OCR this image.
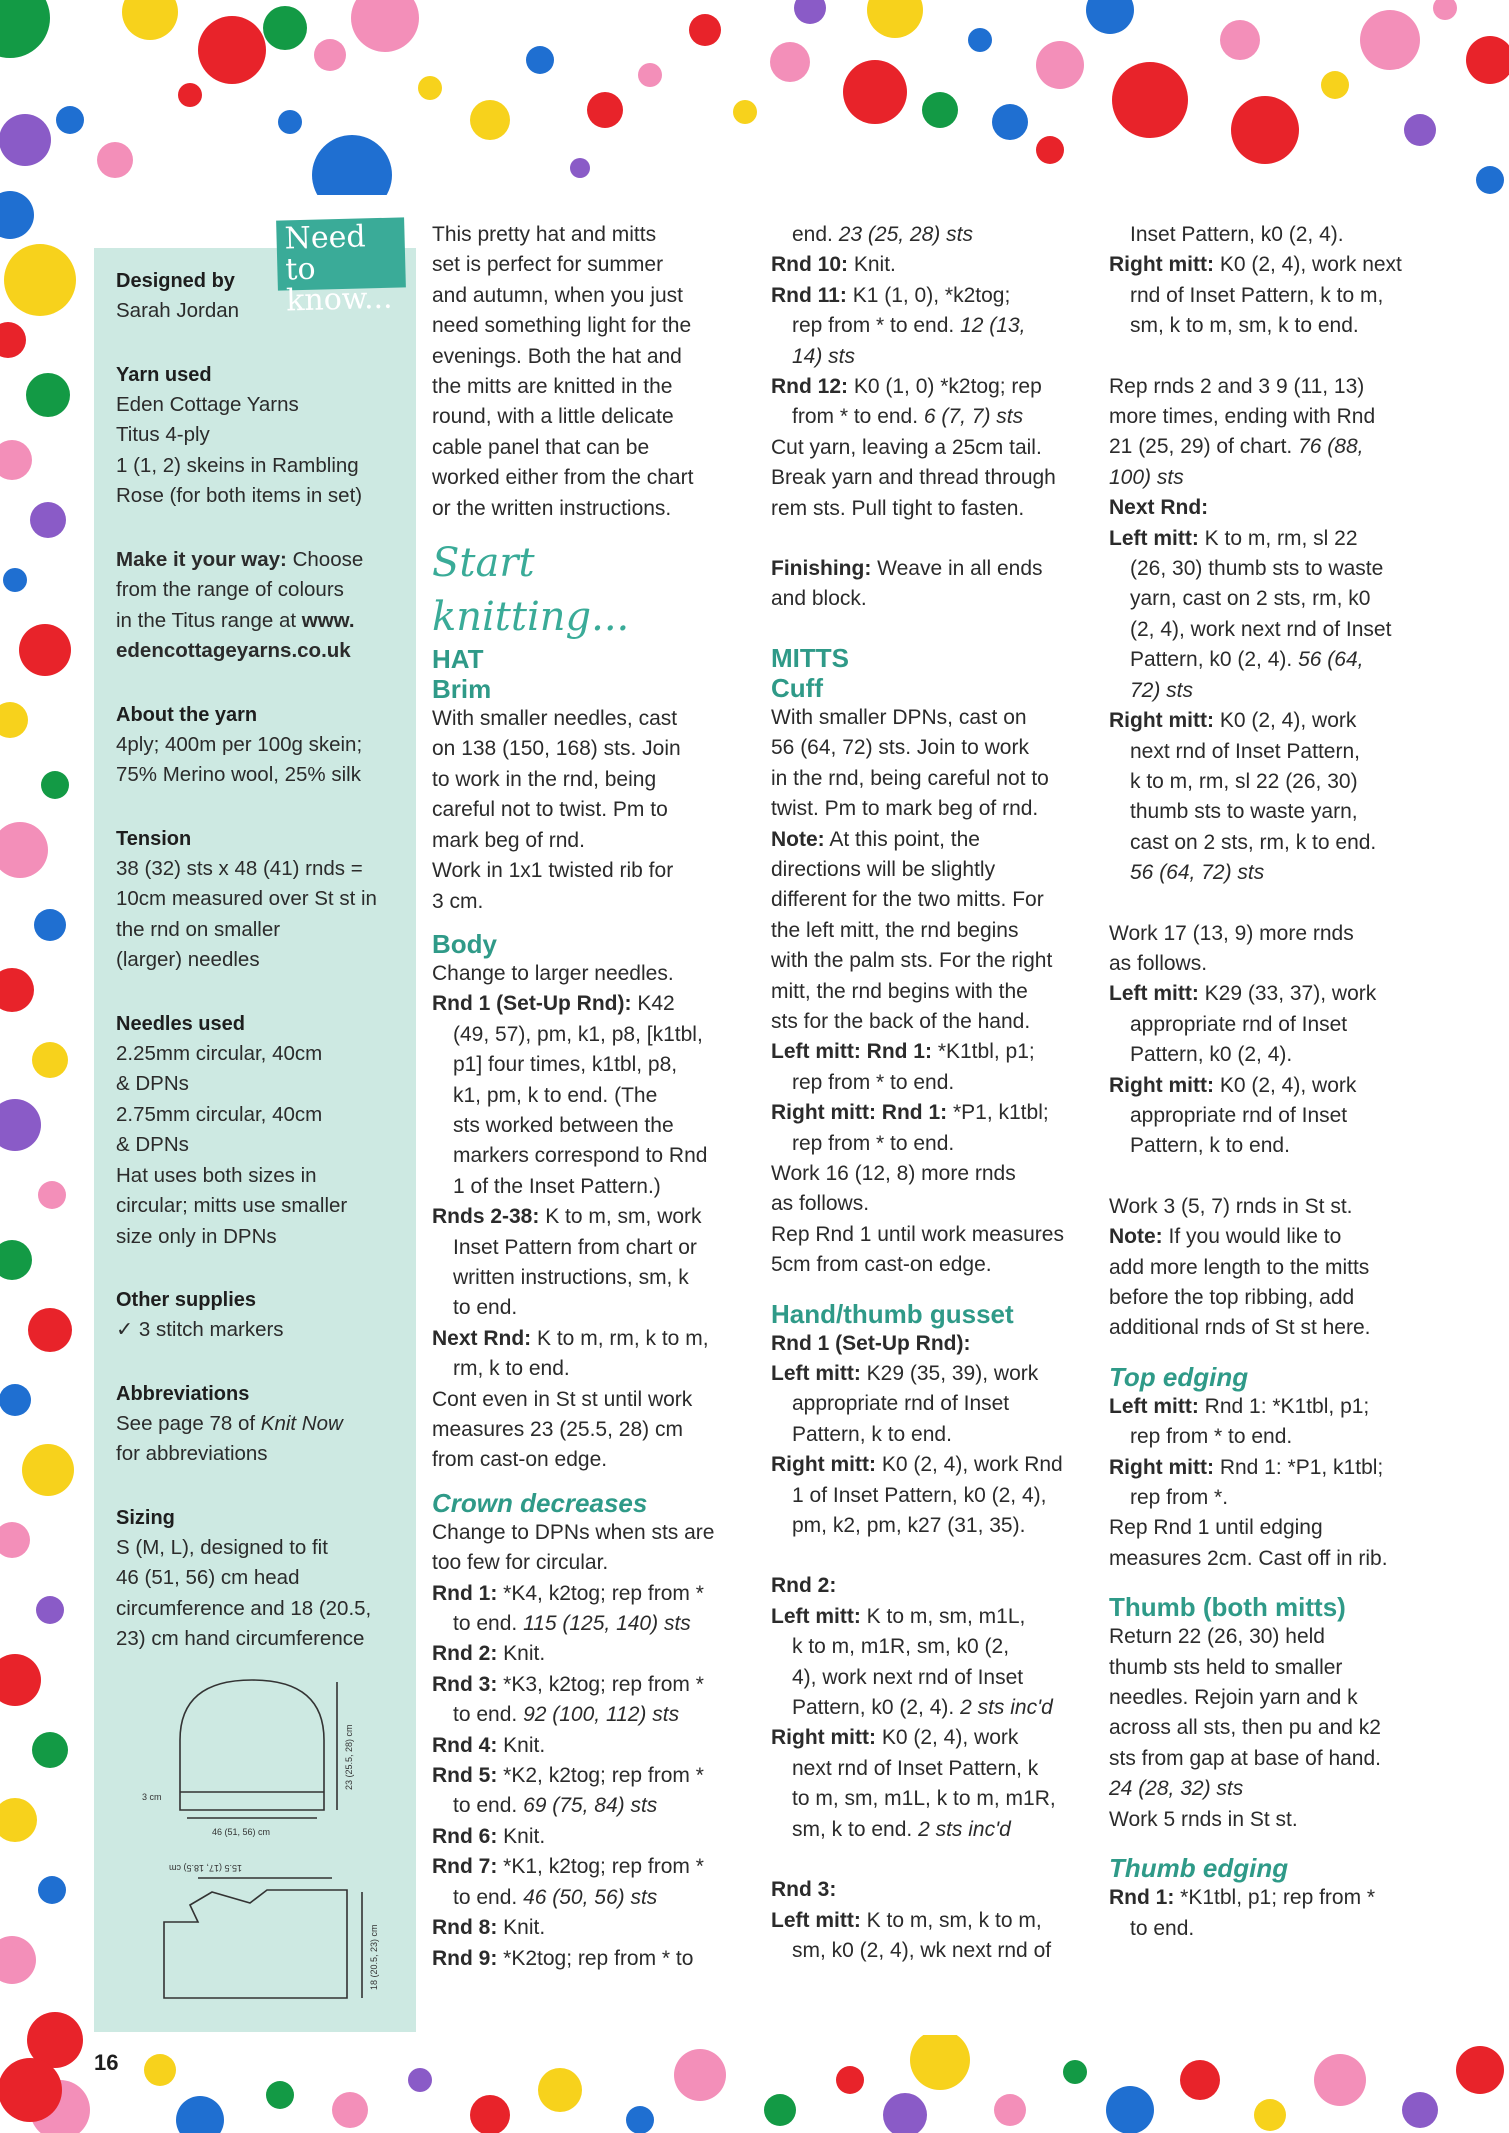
Need to
know...
Designed by
Sarah Jordan
Yarn used
Eden Cottage Yarns
Titus 4-ply
1 (1, 2) skeins in Rambling
Rose (for both items in set)
Make it your way: Choose
from the range of colours
in the Titus range at www.
edencottageyarns.co.uk
About the yarn
4ply; 400m per 100g skein;
75% Merino wool, 25% silk
Tension
38 (32) sts x 48 (41) rnds =
10cm measured over St st in
the rnd on smaller
(larger) needles
Needles used
2.25mm circular, 40cm
& DPNs
2.75mm circular, 40cm
& DPNs
Hat uses both sizes in
circular; mitts use smaller
size only in DPNs
Other supplies
✓ 3 stitch markers
Abbreviations
See page 78 of Knit Now
for abbreviations
Sizing
S (M, L), designed to fit
46 (51, 56) cm head
circumference and 18 (20.5,
23) cm hand circumference
3 cm
46 (51, 56) cm
23 (25.5, 28) cm
15.5 (17, 18.5) cm
18 (20.5, 23) cm
16

This pretty hat and mitts

set is perfect for summer

and autumn, when you just

need something light for the

evenings. Both the hat and

the mitts are knitted in the

round, with a little delicate

cable panel that can be

worked either from the chart

or the written instructions.

Start knitting...
HAT
Brim

With smaller needles, cast

on 138 (150, 168) sts. Join

to work in the rnd, being

careful not to twist. Pm to

mark beg of rnd.

Work in 1x1 twisted rib for

3 cm.

Body

Change to larger needles.

Rnd 1 (Set-Up Rnd): K42

(49, 57), pm, k1, p8, [k1tbl,

p1] four times, k1tbl, p8,

k1, pm, k to end. (The

sts worked between the

markers correspond to Rnd

1 of the Inset Pattern.)

Rnds 2-38: K to m, sm, work

Inset Pattern from chart or

written instructions, sm, k

to end.

Next Rnd: K to m, rm, k to m,

rm, k to end.

Cont even in St st until work

measures 23 (25.5, 28) cm

from cast-on edge.

Crown decreases

Change to DPNs when sts are

too few for circular.

Rnd 1: *K4, k2tog; rep from *

to end. 115 (125, 140) sts

Rnd 2: Knit.

Rnd 3: *K3, k2tog; rep from *

to end. 92 (100, 112) sts

Rnd 4: Knit.

Rnd 5: *K2, k2tog; rep from *

to end. 69 (75, 84) sts

Rnd 6: Knit.

Rnd 7: *K1, k2tog; rep from *

to end. 46 (50, 56) sts

Rnd 8: Knit.

Rnd 9: *K2tog; rep from * to

end. 23 (25, 28) sts

Rnd 10: Knit.

Rnd 11: K1 (1, 0), *k2tog;

rep from * to end. 12 (13,

14) sts

Rnd 12: K0 (1, 0) *k2tog; rep

from * to end. 6 (7, 7) sts

Cut yarn, leaving a 25cm tail.

Break yarn and thread through

rem sts. Pull tight to fasten.

Finishing: Weave in all ends

and block.

MITTS
Cuff

With smaller DPNs, cast on

56 (64, 72) sts. Join to work

in the rnd, being careful not to

twist. Pm to mark beg of rnd.

Note: At this point, the

directions will be slightly

different for the two mitts. For

the left mitt, the rnd begins

with the palm sts. For the right

mitt, the rnd begins with the

sts for the back of the hand.

Left mitt: Rnd 1: *K1tbl, p1;

rep from * to end.

Right mitt: Rnd 1: *P1, k1tbl;

rep from * to end.

Work 16 (12, 8) more rnds

as follows.

Rep Rnd 1 until work measures

5cm from cast-on edge.

Hand/thumb gusset

Rnd 1 (Set-Up Rnd):

Left mitt: K29 (35, 39), work

appropriate rnd of Inset

Pattern, k to end.

Right mitt: K0 (2, 4), work Rnd

1 of Inset Pattern, k0 (2, 4),

pm, k2, pm, k27 (31, 35).

Rnd 2:

Left mitt: K to m, sm, m1L,

k to m, m1R, sm, k0 (2,

4), work next rnd of Inset

Pattern, k0 (2, 4). 2 sts inc'd

Right mitt: K0 (2, 4), work

next rnd of Inset Pattern, k

to m, sm, m1L, k to m, m1R,

sm, k to end. 2 sts inc'd

Rnd 3:

Left mitt: K to m, sm, k to m,

sm, k0 (2, 4), wk next rnd of

Inset Pattern, k0 (2, 4).

Right mitt: K0 (2, 4), work next

rnd of Inset Pattern, k to m,

sm, k to m, sm, k to end.

Rep rnds 2 and 3 9 (11, 13)

more times, ending with Rnd

21 (25, 29) of chart. 76 (88,

100) sts

Next Rnd:

Left mitt: K to m, rm, sl 22

(26, 30) thumb sts to waste

yarn, cast on 2 sts, rm, k0

(2, 4), work next rnd of Inset

Pattern, k0 (2, 4). 56 (64,

72) sts

Right mitt: K0 (2, 4), work

next rnd of Inset Pattern,

k to m, rm, sl 22 (26, 30)

thumb sts to waste yarn,

cast on 2 sts, rm, k to end.

56 (64, 72) sts

Work 17 (13, 9) more rnds

as follows.

Left mitt: K29 (33, 37), work

appropriate rnd of Inset

Pattern, k0 (2, 4).

Right mitt: K0 (2, 4), work

appropriate rnd of Inset

Pattern, k to end.

Work 3 (5, 7) rnds in St st.

Note: If you would like to

add more length to the mitts

before the top ribbing, add

additional rnds of St st here.

Top edging

Left mitt: Rnd 1: *K1tbl, p1;

rep from * to end.

Right mitt: Rnd 1: *P1, k1tbl;

rep from *.

Rep Rnd 1 until edging

measures 2cm. Cast off in rib.

Thumb (both mitts)

Return 22 (26, 30) held

thumb sts held to smaller

needles. Rejoin yarn and k

across all sts, then pu and k2

sts from gap at base of hand.

24 (28, 32) sts

Work 5 rnds in St st.

Thumb edging

Rnd 1: *K1tbl, p1; rep from *

to end.
